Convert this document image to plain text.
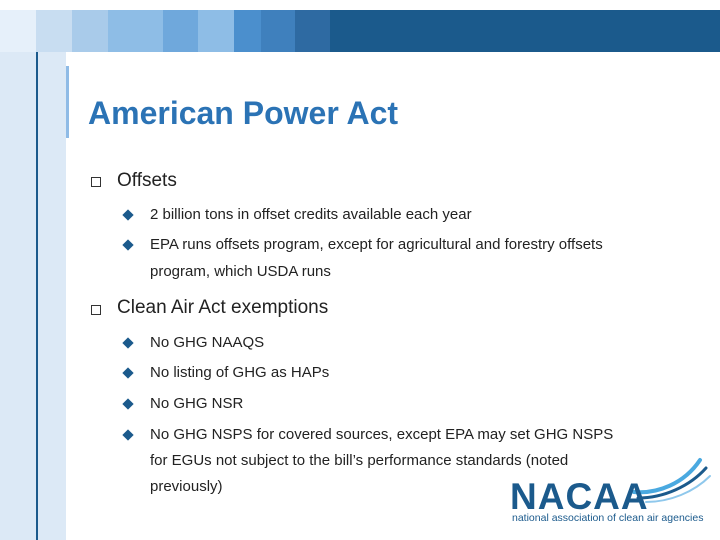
American Power Act
Offsets
2 billion tons in offset credits available each year
EPA runs offsets program, except for agricultural and forestry offsets
program, which USDA runs
Clean Air Act exemptions
No GHG NAAQS
No listing of GHG as HAPs
No GHG NSR
No GHG NSPS for covered sources, except EPA may set GHG NSPS
for EGUs not subject to the bill’s performance standards (noted
previously)	NACAA
national association of clean air agencies
